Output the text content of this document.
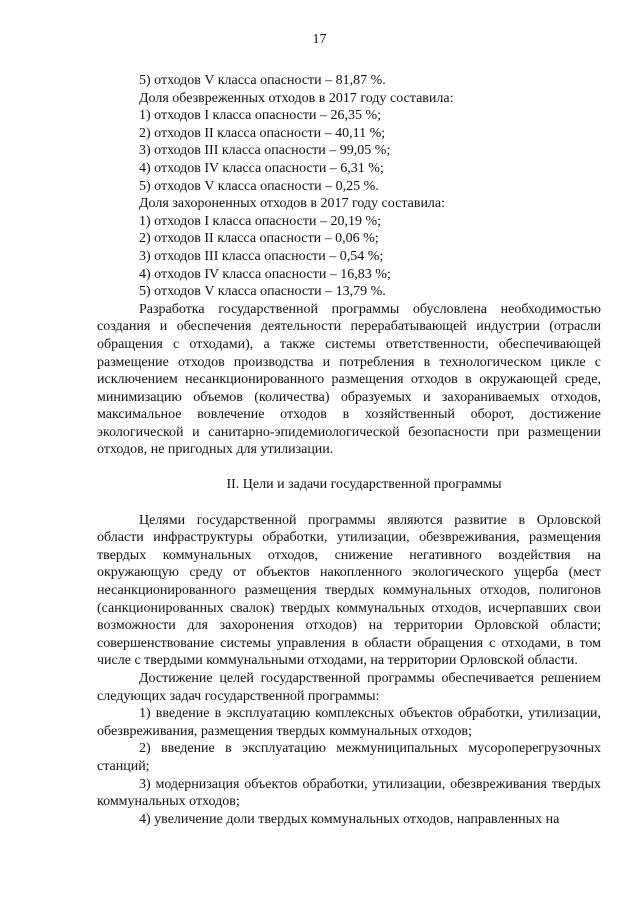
17
5) отходов V класса опасности – 81,87 %.
Доля обезвреженных отходов в 2017 году составила:
1) отходов I класса опасности – 26,35 %;
2) отходов II класса опасности – 40,11 %;
3) отходов III класса опасности – 99,05 %;
4) отходов IV класса опасности – 6,31 %;
5) отходов V класса опасности – 0,25 %.
Доля захороненных отходов в 2017 году составила:
1) отходов I класса опасности – 20,19 %;
2) отходов II класса опасности – 0,06 %;
3) отходов III класса опасности – 0,54 %;
4) отходов IV класса опасности – 16,83 %;
5) отходов V класса опасности – 13,79 %.

Разработка государственной программы обусловлена необходимостью создания и обеспечения деятельности перерабатывающей индустрии (отрасли обращения с отходами), а также системы ответственности, обеспечивающей размещение отходов производства и потребления в технологическом цикле с исключением несанкционированного размещения отходов в окружающей среде, минимизацию объемов (количества) образуемых и захораниваемых отходов, максимальное вовлечение отходов в хозяйственный оборот, достижение экологической и санитарно-эпидемиологической безопасности при размещении отходов, не пригодных для утилизации.

II. Цели и задачи государственной программы

Целями государственной программы являются развитие в Орловской области инфраструктуры обработки, утилизации, обезвреживания, размещения твердых коммунальных отходов, снижение негативного воздействия на окружающую среду от объектов накопленного экологического ущерба (мест несанкционированного размещения твердых коммунальных отходов, полигонов (санкционированных свалок) твердых коммунальных отходов, исчерпавших свои возможности для захоронения отходов) на территории Орловской области; совершенствование системы управления в области обращения с отходами, в том числе с твердыми коммунальными отходами, на территории Орловской области.

Достижение целей государственной программы обеспечивается решением следующих задач государственной программы:

1) введение в эксплуатацию комплексных объектов обработки, утилизации, обезвреживания, размещения твердых коммунальных отходов;

2) введение в эксплуатацию межмуниципальных мусороперегрузочных станций;

3) модернизация объектов обработки, утилизации, обезвреживания твердых коммунальных отходов;

4) увеличение доли твердых коммунальных отходов, направленных на
